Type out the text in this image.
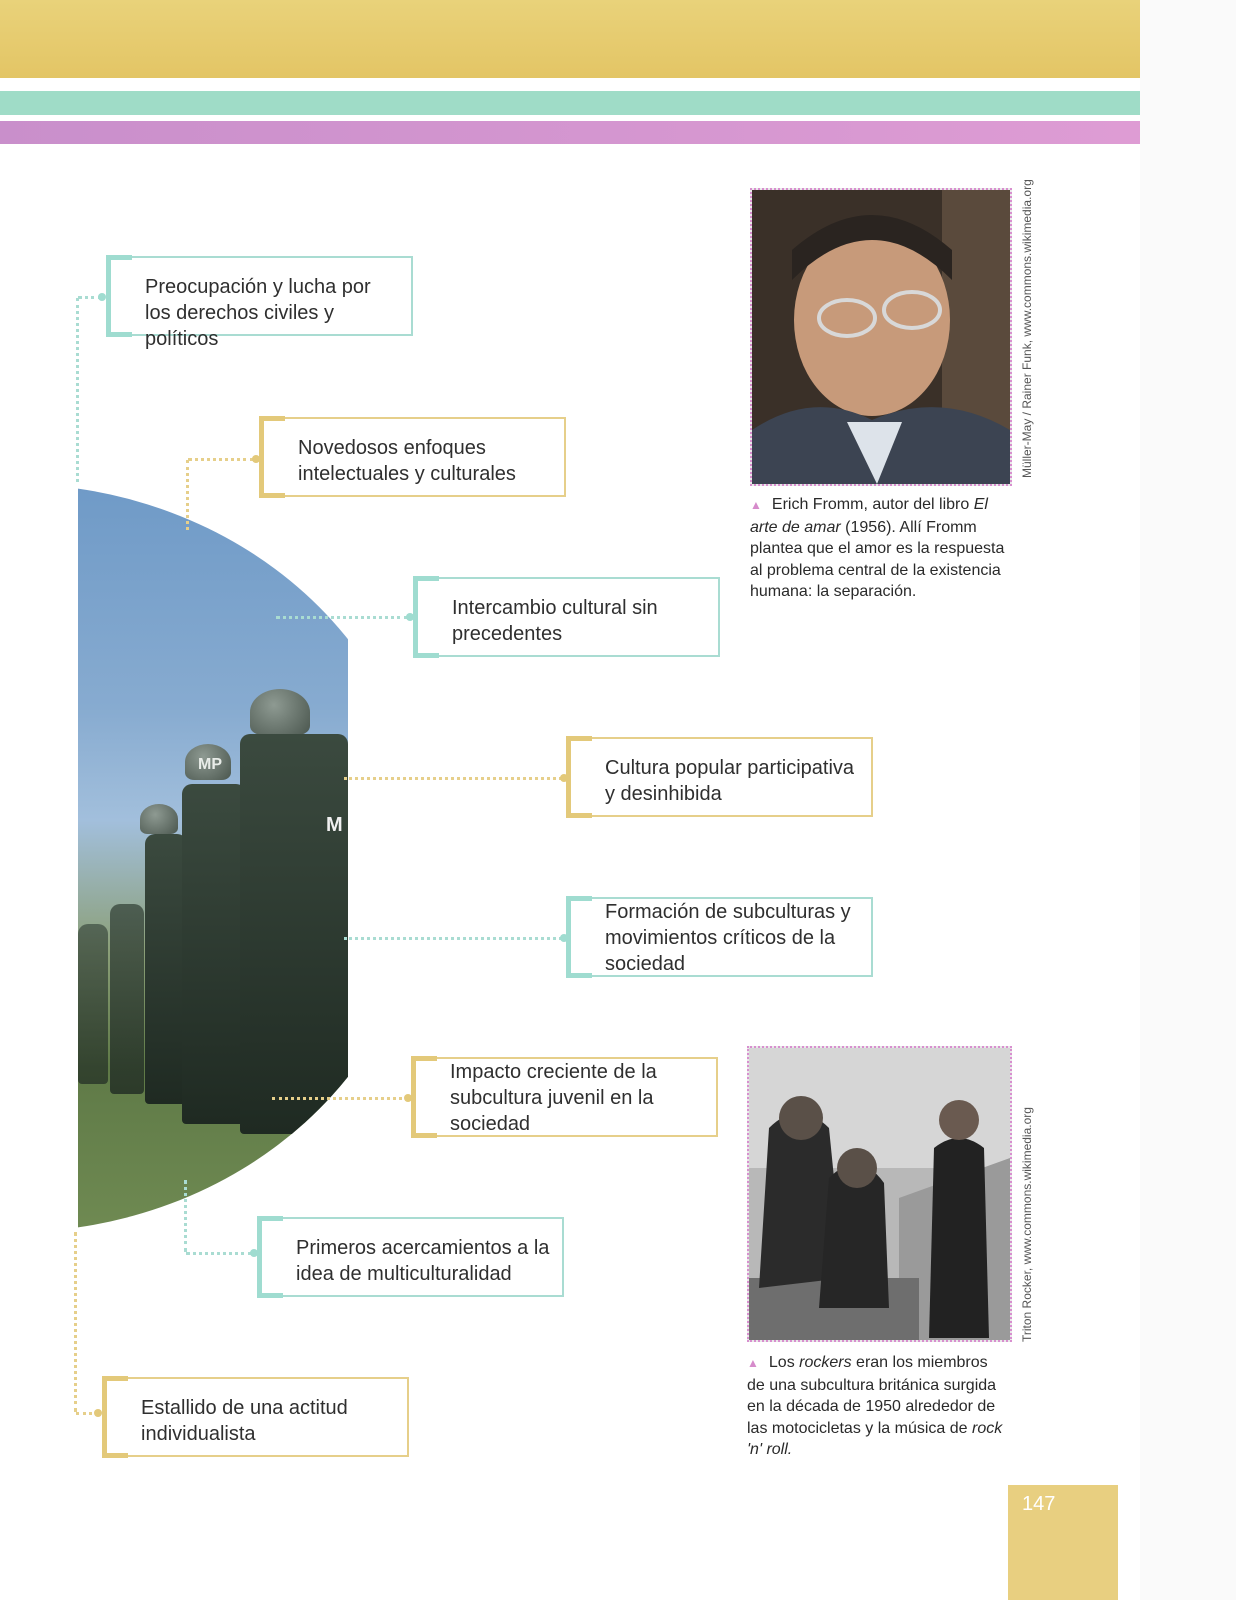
MP
M
Preocupación y lucha por los derechos civiles y políticos
Novedosos enfoques intelectuales y culturales
Intercambio cultural sin precedentes
Cultura popular participativa y desinhibida
Formación de subculturas y movimientos críticos de la sociedad
Impacto creciente de la subcultura juvenil en la sociedad
Primeros acercamientos a la idea de multiculturalidad
Estallido de una actitud individualista
Müller-May / Rainer Funk, www.commons.wikimedia.org
▲ Erich Fromm, autor del libro El arte de amar (1956). Allí Fromm plantea que el amor es la respuesta al problema central de la existencia humana: la separación.
Triton Rocker, www.commons.wikimedia.org
▲ Los rockers eran los miembros de una subcultura británica surgida en la década de 1950 alrededor de las motocicletas y la música de rock 'n' roll.
147
